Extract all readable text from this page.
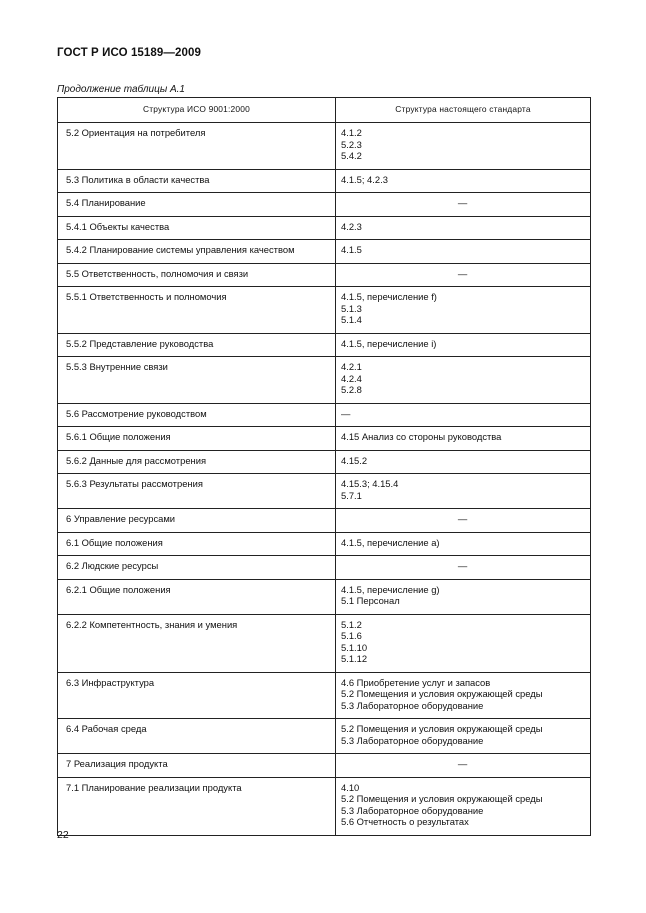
ГОСТ Р ИСО 15189—2009
Продолжение таблицы А.1
Структура ИСО 9001:2000	Структура настоящего стандарта
5.2 Ориентация на потребителя	4.1.2
5.2.3
5.4.2

5.3 Политика в области качества	4.1.5; 4.2.3

5.4 Планирование	—

5.4.1 Объекты качества	4.2.3

5.4.2 Планирование системы управления качеством	4.1.5

5.5 Ответственность, полномочия и связи	—

5.5.1 Ответственность и полномочия	4.1.5, перечисление f)
5.1.3
5.1.4

5.5.2 Представление руководства	4.1.5, перечисление i)

5.5.3 Внутренние связи	4.2.1
4.2.4
5.2.8

5.6 Рассмотрение руководством	—

5.6.1 Общие положения	4.15 Анализ со стороны руководства

5.6.2 Данные для рассмотрения	4.15.2

5.6.3 Результаты рассмотрения	4.15.3; 4.15.4
5.7.1

6 Управление ресурсами	—

6.1 Общие положения	4.1.5, перечисление a)

6.2 Людские ресурсы	—

6.2.1 Общие положения	4.1.5, перечисление g)
5.1 Персонал

6.2.2 Компетентность, знания и умения	5.1.2
5.1.6
5.1.10
5.1.12

6.3 Инфраструктура	4.6 Приобретение услуг и запасов
5.2 Помещения и условия окружающей среды
5.3 Лабораторное оборудование

6.4 Рабочая среда	5.2 Помещения и условия окружающей среды
5.3 Лабораторное оборудование

7 Реализация продукта	—

7.1 Планирование реализации продукта	4.10
5.2 Помещения и условия окружающей среды
5.3 Лабораторное оборудование
5.6 Отчетность о результатах
22
